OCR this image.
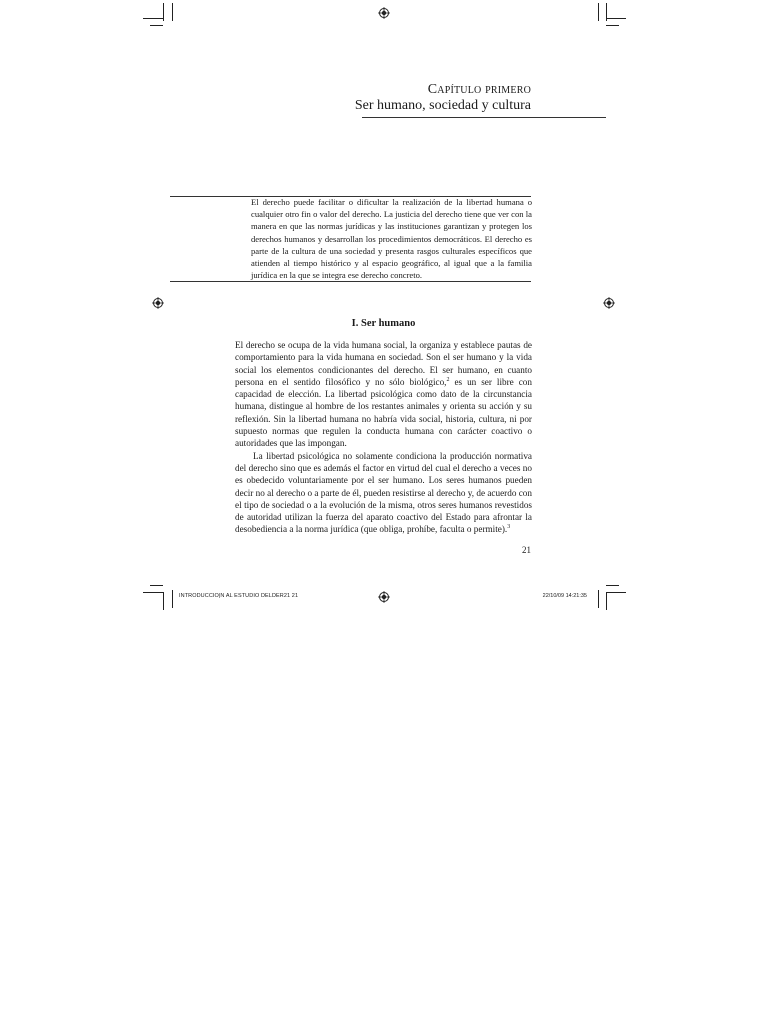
Capítulo primero
Ser humano, sociedad y cultura
El derecho puede facilitar o dificultar la realización de la libertad humana o cualquier otro fin o valor del derecho. La justicia del derecho tiene que ver con la manera en que las normas jurídicas y las instituciones garantizan y protegen los derechos humanos y desarrollan los procedimientos democráticos. El derecho es parte de la cultura de una sociedad y presenta rasgos culturales específicos que atienden al tiempo histórico y al espacio geográfico, al igual que a la familia jurídica en la que se integra ese derecho concreto.
I. Ser humano

El derecho se ocupa de la vida humana social, la organiza y establece pautas de comportamiento para la vida humana en sociedad. Son el ser humano y la vida social los elementos condicionantes del derecho. El ser humano, en cuanto persona en el sentido filosófico y no sólo biológico,$^2$ es un ser libre con capacidad de elección. La libertad psicológica como dato de la circunstancia humana, distingue al hombre de los restantes animales y orienta su acción y su reflexión. Sin la libertad humana no habría vida social, historia, cultura, ni por supuesto normas que regulen la conducta humana con carácter coactivo o autoridades que las impongan.

La libertad psicológica no solamente condiciona la producción normativa del derecho sino que es además el factor en virtud del cual el derecho a veces no es obedecido voluntariamente por el ser humano. Los seres humanos pueden decir no al derecho o a parte de él, pueden resistirse al derecho y, de acuerdo con el tipo de sociedad o a la evolución de la misma, otros seres humanos revestidos de autoridad utilizan la fuerza del aparato coactivo del Estado para afrontar la desobediencia a la norma jurídica (que obliga, prohíbe, faculta o permite).$^3$

21
INTRODUCCIO|N AL ESTUDIO DELDER21 21	22/10/09 14:21:35
